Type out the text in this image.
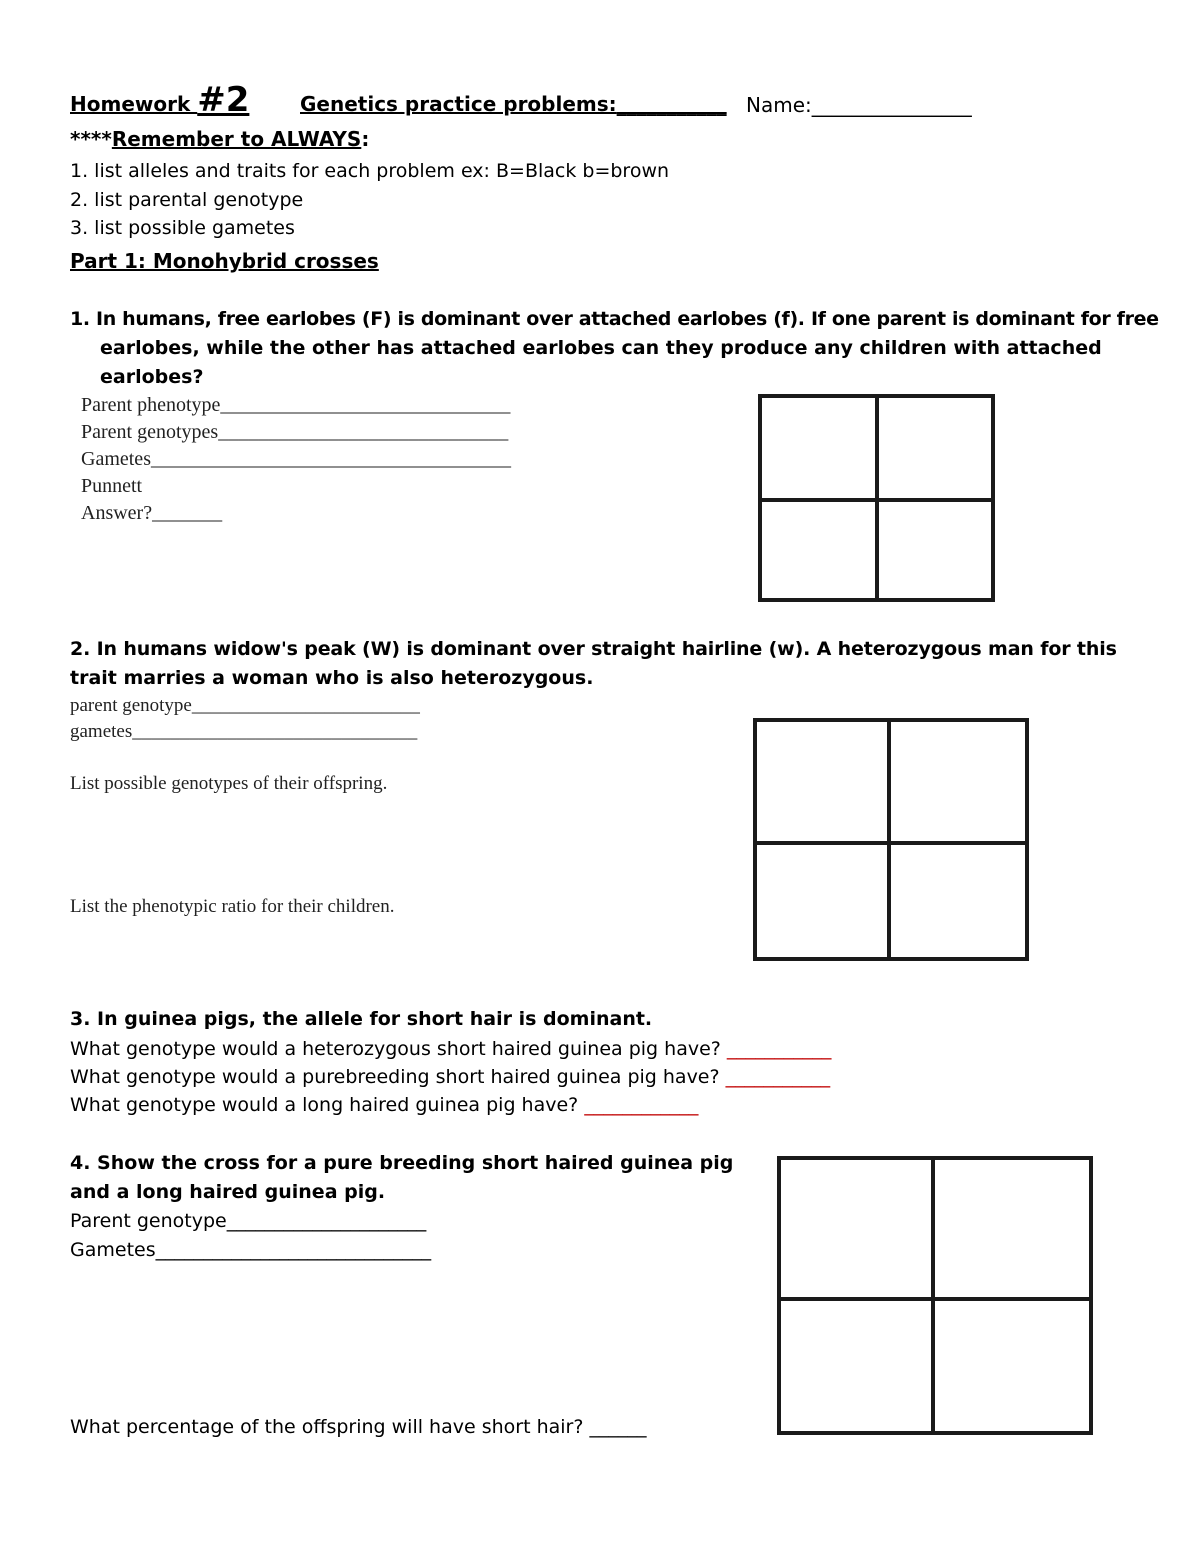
Homework #2	Genetics practice problems:___________ Name:________________
****Remember to ALWAYS:
1. list alleles and traits for each problem ex: B=Black b=brown
2. list parental genotype
3. list possible gametes
Part 1: Monohybrid crosses
1. In humans, free earlobes (F) is dominant over attached earlobes (f). If one parent is dominant for free
earlobes, while the other has attached earlobes can they produce any children with attached
earlobes?
Parent phenotype_____________________________
Parent genotypes_____________________________
Gametes____________________________________
Punnett
Answer?_______
2. In humans widow's peak (W) is dominant over straight hairline (w). A heterozygous man for this
trait marries a woman who is also heterozygous.
parent genotype________________________
gametes______________________________
List possible genotypes of their offspring.
List the phenotypic ratio for their children.
3. In guinea pigs, the allele for short hair is dominant.
What genotype would a heterozygous short haired guinea pig have? ___________
What genotype would a purebreeding short haired guinea pig have? ___________
What genotype would a long haired guinea pig have? ____________
4. Show the cross for a pure breeding short haired guinea pig
and a long haired guinea pig.
Parent genotype_____________________
Gametes_____________________________
What percentage of the offspring will have short hair? ______
